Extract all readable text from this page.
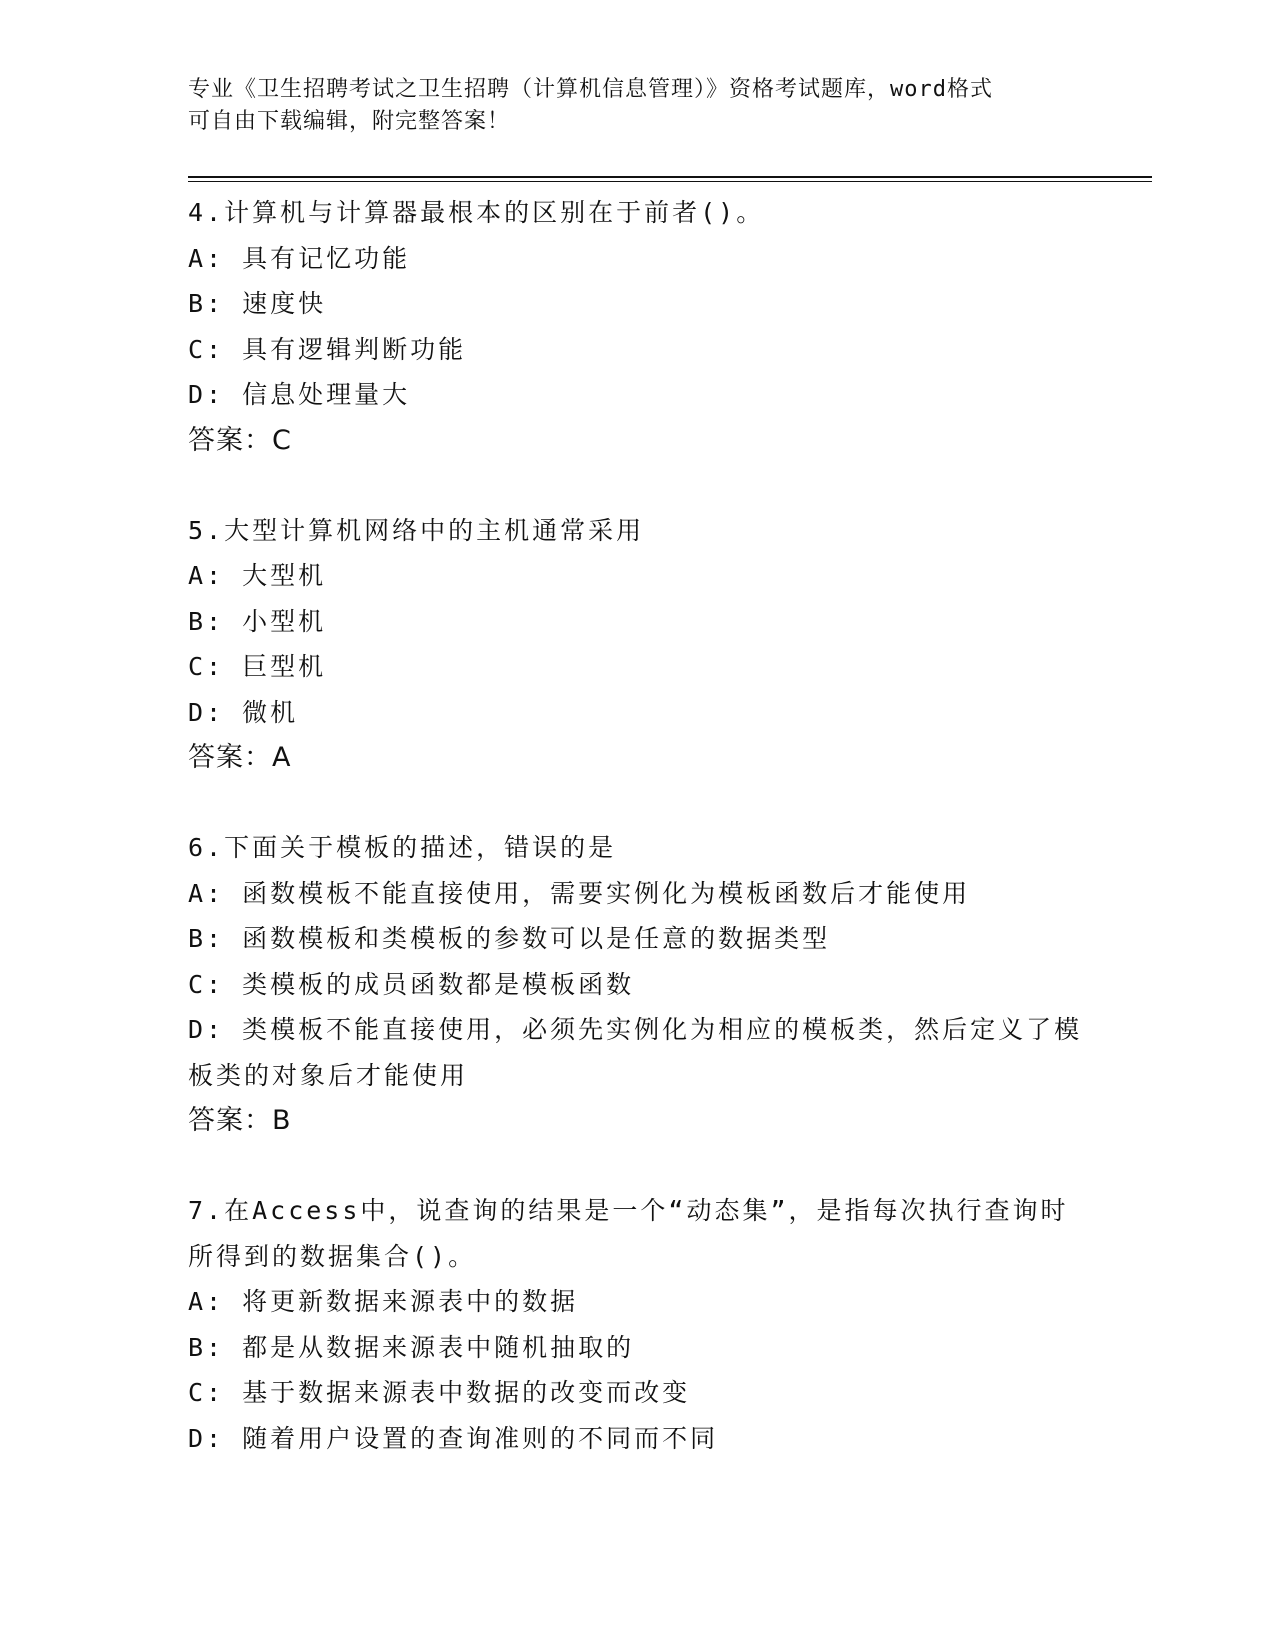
专业《卫生招聘考试之卫生招聘（计算机信息管理）》资格考试题库，word格式
可自由下载编辑，附完整答案！
4.计算机与计算器最根本的区别在于前者()。
A: 具有记忆功能
B: 速度快
C: 具有逻辑判断功能
D: 信息处理量大
答案：C
5.大型计算机网络中的主机通常采用
A: 大型机
B: 小型机
C: 巨型机
D: 微机
答案：A
6.下面关于模板的描述，错误的是
A: 函数模板不能直接使用，需要实例化为模板函数后才能使用
B: 函数模板和类模板的参数可以是任意的数据类型
C: 类模板的成员函数都是模板函数
D: 类模板不能直接使用，必须先实例化为相应的模板类，然后定义了模板类的对象后才能使用
答案：B
7.在Access中，说查询的结果是一个“动态集”，是指每次执行查询时所得到的数据集合()。
A: 将更新数据来源表中的数据
B: 都是从数据来源表中随机抽取的
C: 基于数据来源表中数据的改变而改变
D: 随着用户设置的查询准则的不同而不同
